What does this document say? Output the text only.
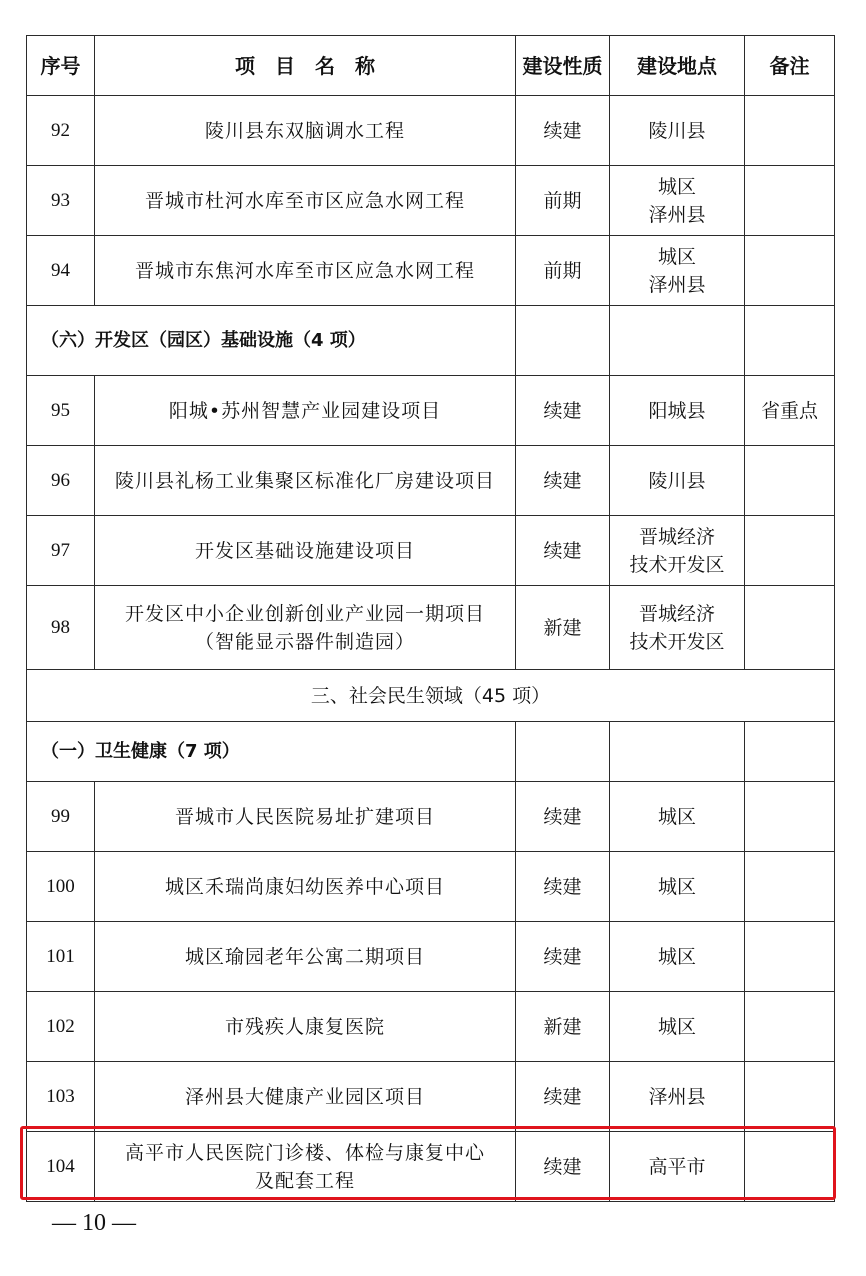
序号	项　目　名　称	建设性质	建设地点	备注
92	陵川县东双脑调水工程	续建	陵川县	

93	晋城市杜河水库至市区应急水网工程	前期	城区
泽州县	

94	晋城市东焦河水库至市区应急水网工程	前期	城区
泽州县	

（六）开发区（园区）基础设施（4 项）				
95	阳城•苏州智慧产业园建设项目	续建	阳城县	省重点
96	陵川县礼杨工业集聚区标准化厂房建设项目	续建	陵川县	

97	开发区基础设施建设项目	续建	晋城经济
技术开发区	

98	开发区中小企业创新创业产业园一期项目
（智能显示器件制造园）	新建	晋城经济
技术开发区	

三、社会民生领域（45 项）				
（一）卫生健康（7 项）				
99	晋城市人民医院易址扩建项目	续建	城区	

100	城区禾瑞尚康妇幼医养中心项目	续建	城区	

101	城区瑜园老年公寓二期项目	续建	城区	

102	市残疾人康复医院	新建	城区	

103	泽州县大健康产业园区项目	续建	泽州县	

104	高平市人民医院门诊楼、体检与康复中心
及配套工程	续建	高平市	

— 10 —
